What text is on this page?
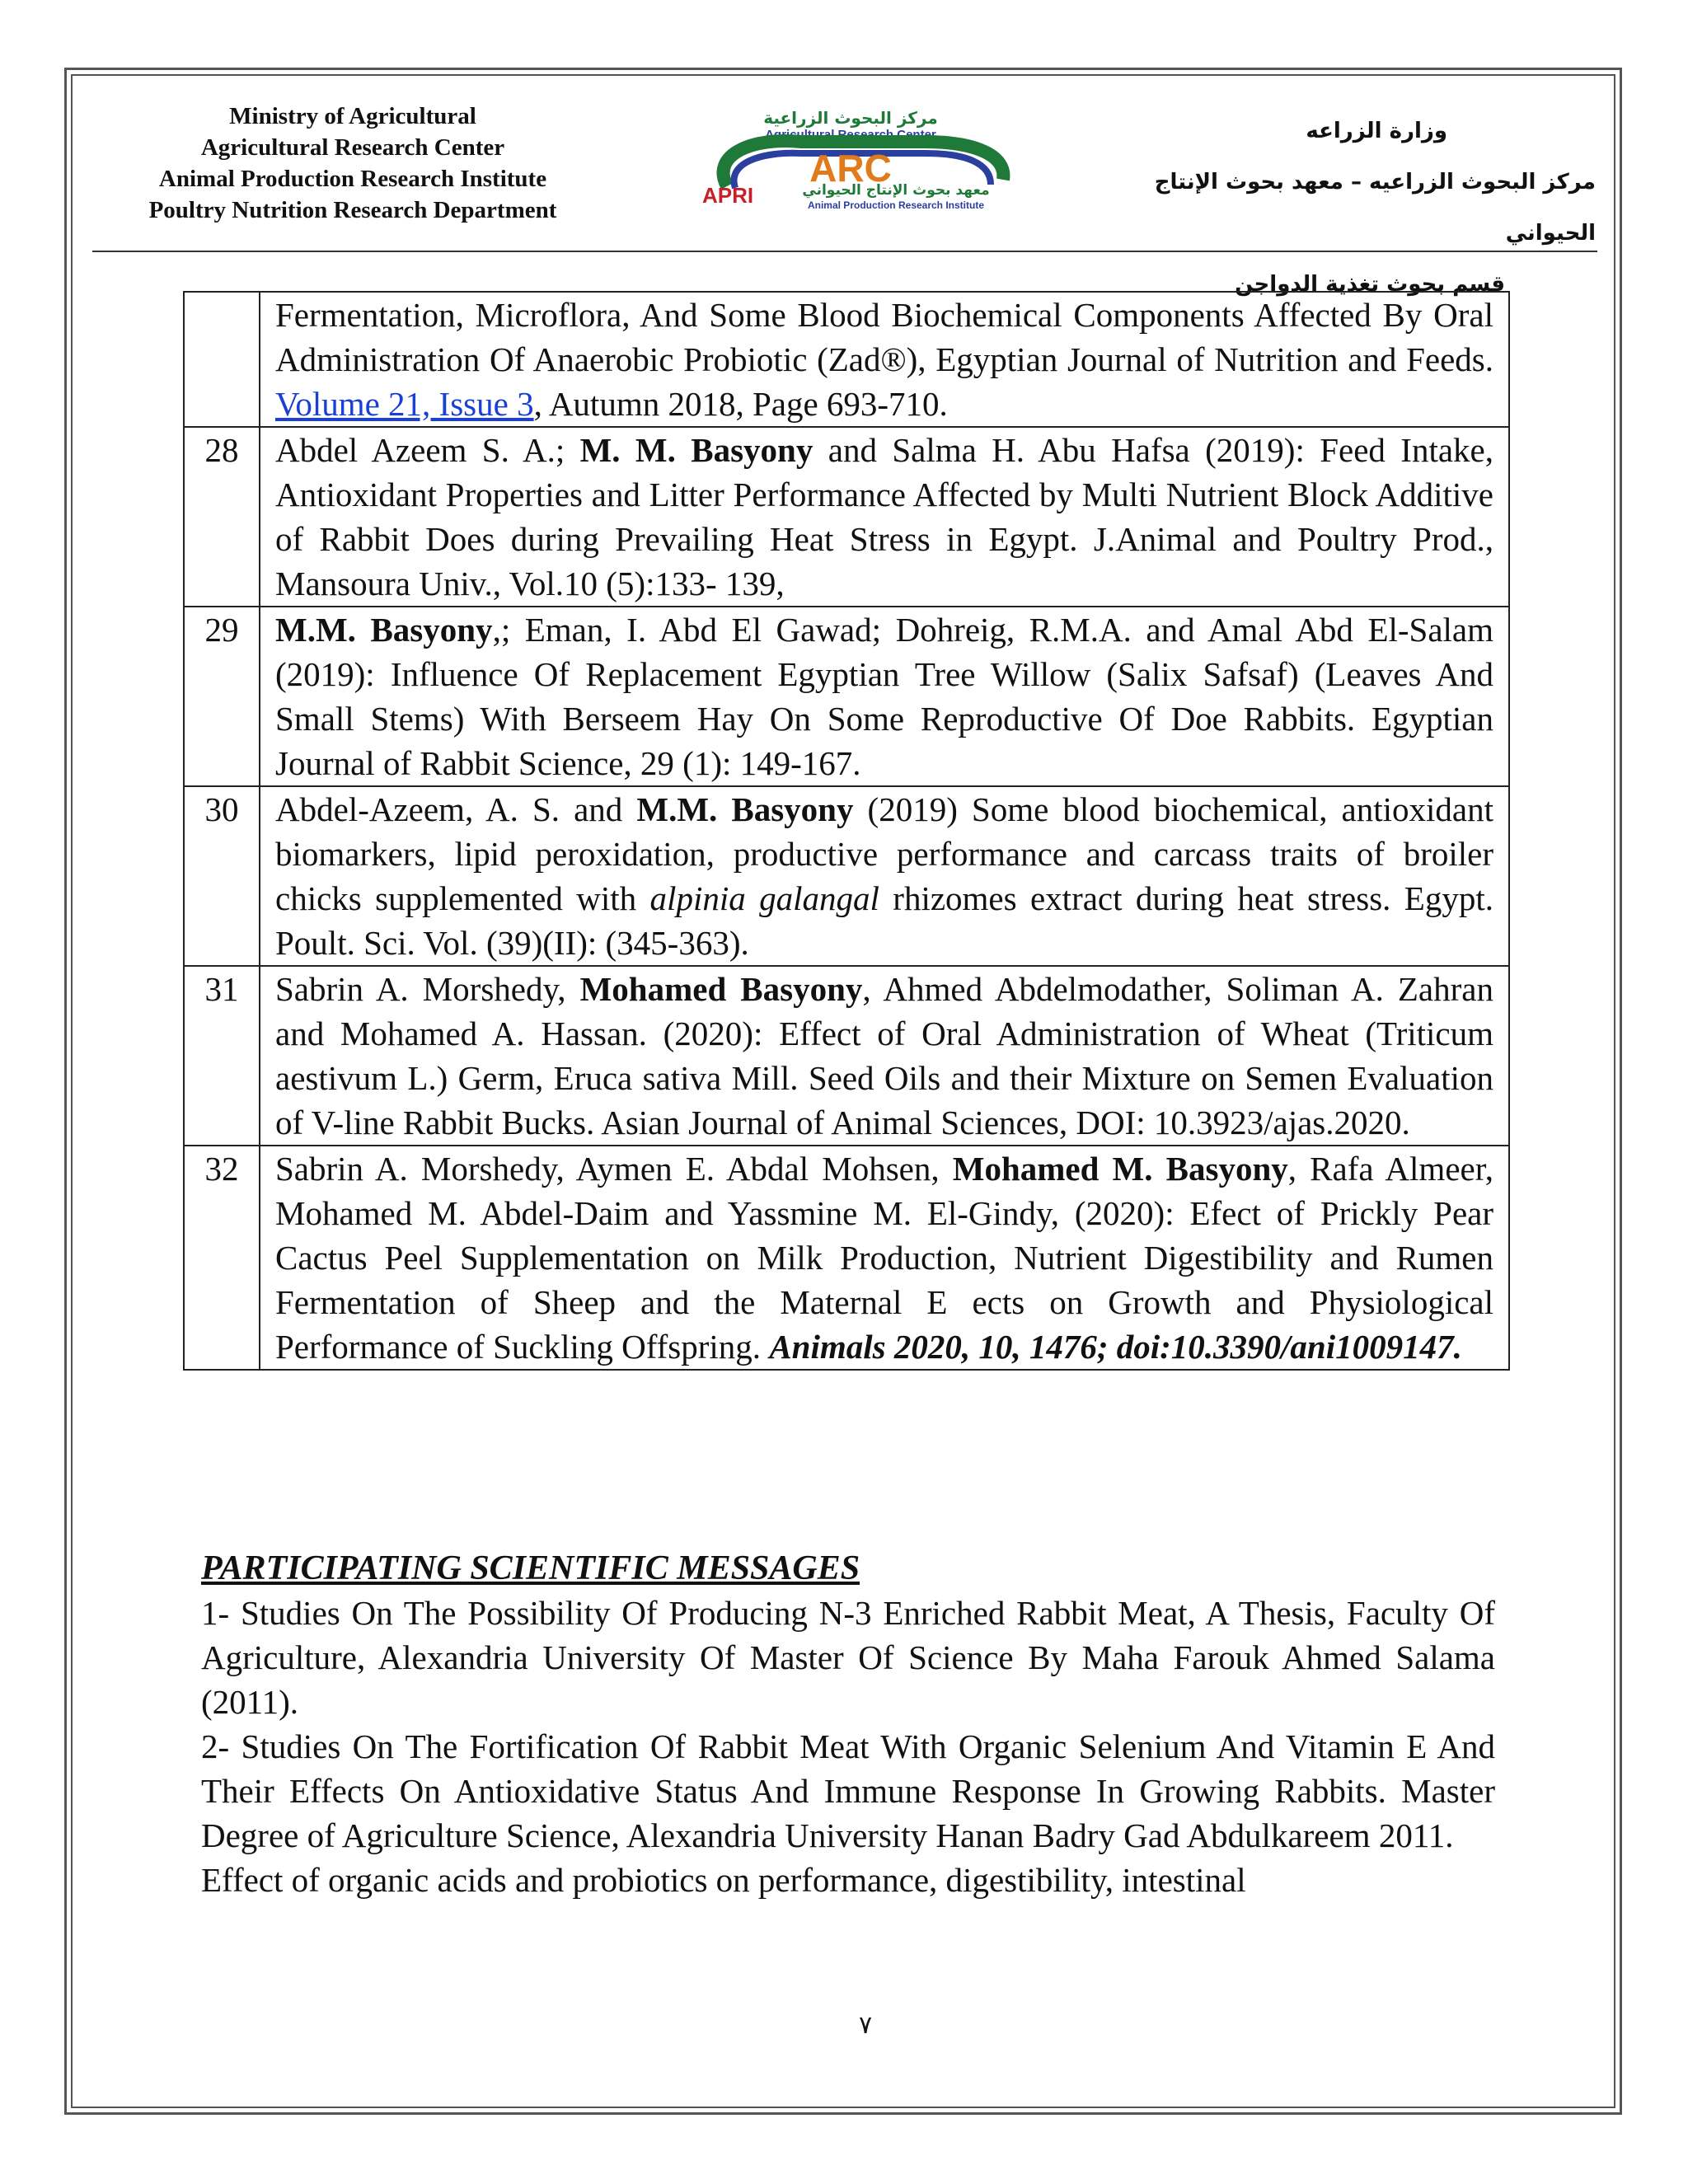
Ministry of Agricultural
Agricultural Research Center
Animal Production Research Institute
Poultry Nutrition Research Department
مركز البحوث الزراعية
Agricultural Research Center
ARC
APRI	معهد بحوث الإنتاج الحيواني
Animal Production Research Institute
وزارة الزراعه
مركز البحوث الزراعيه – معهد بحوث الإنتاج الحيواني
قسم بحوث تغذية الدواجن
	Fermentation, Microflora, And Some Blood Biochemical Components Affected By Oral Administration Of Anaerobic Probiotic (Zad®), Egyptian Journal of Nutrition and Feeds. Volume 21, Issue 3, Autumn 2018, Page 693-710.
28	Abdel Azeem S. A.; M. M. Basyony and Salma H. Abu Hafsa (2019): Feed Intake, Antioxidant Properties and Litter Performance Affected by Multi Nutrient Block Additive of Rabbit Does during Prevailing Heat Stress in Egypt. J.Animal and Poultry Prod., Mansoura Univ., Vol.10 (5):133- 139,
29	M.M. Basyony,; Eman, I. Abd El Gawad; Dohreig, R.M.A. and Amal Abd El-Salam (2019): Influence Of Replacement Egyptian Tree Willow (Salix Safsaf) (Leaves And Small Stems) With Berseem Hay On Some Reproductive Of Doe Rabbits. Egyptian Journal of Rabbit Science, 29 (1): 149-167.
30	Abdel-Azeem, A. S. and M.M. Basyony (2019) Some blood biochemical, antioxidant biomarkers, lipid peroxidation, productive performance and carcass traits of broiler chicks supplemented with alpinia galangal rhizomes extract during heat stress. Egypt. Poult. Sci. Vol. (39)(II): (345-363).
31	Sabrin A. Morshedy, Mohamed Basyony, Ahmed Abdelmodather, Soliman A. Zahran and Mohamed A. Hassan. (2020): Effect of Oral Administration of Wheat (Triticum aestivum L.) Germ, Eruca sativa Mill. Seed Oils and their Mixture on Semen Evaluation of V-line Rabbit Bucks. Asian Journal of Animal Sciences, DOI: 10.3923/ajas.2020.
32	Sabrin A. Morshedy, Aymen E. Abdal Mohsen, Mohamed M. Basyony, Rafa Almeer, Mohamed M. Abdel-Daim and Yassmine M. El-Gindy, (2020): Efect of Prickly Pear Cactus Peel Supplementation on Milk Production, Nutrient Digestibility and Rumen Fermentation of Sheep and the Maternal E ects on Growth and Physiological Performance of Suckling Offspring. Animals 2020, 10, 1476; doi:10.3390/ani1009147.

PARTICIPATING SCIENTIFIC MESSAGES

1- Studies On The Possibility Of Producing N-3 Enriched Rabbit Meat, A Thesis, Faculty Of Agriculture, Alexandria University Of Master Of Science By Maha Farouk Ahmed Salama (2011).

2- Studies On The Fortification Of Rabbit Meat With Organic Selenium And Vitamin E And Their Effects On Antioxidative Status And Immune Response In Growing Rabbits. Master Degree of Agriculture Science, Alexandria University Hanan Badry Gad Abdulkareem 2011.

Effect of organic acids and probiotics on performance, digestibility, intestinal

٧
